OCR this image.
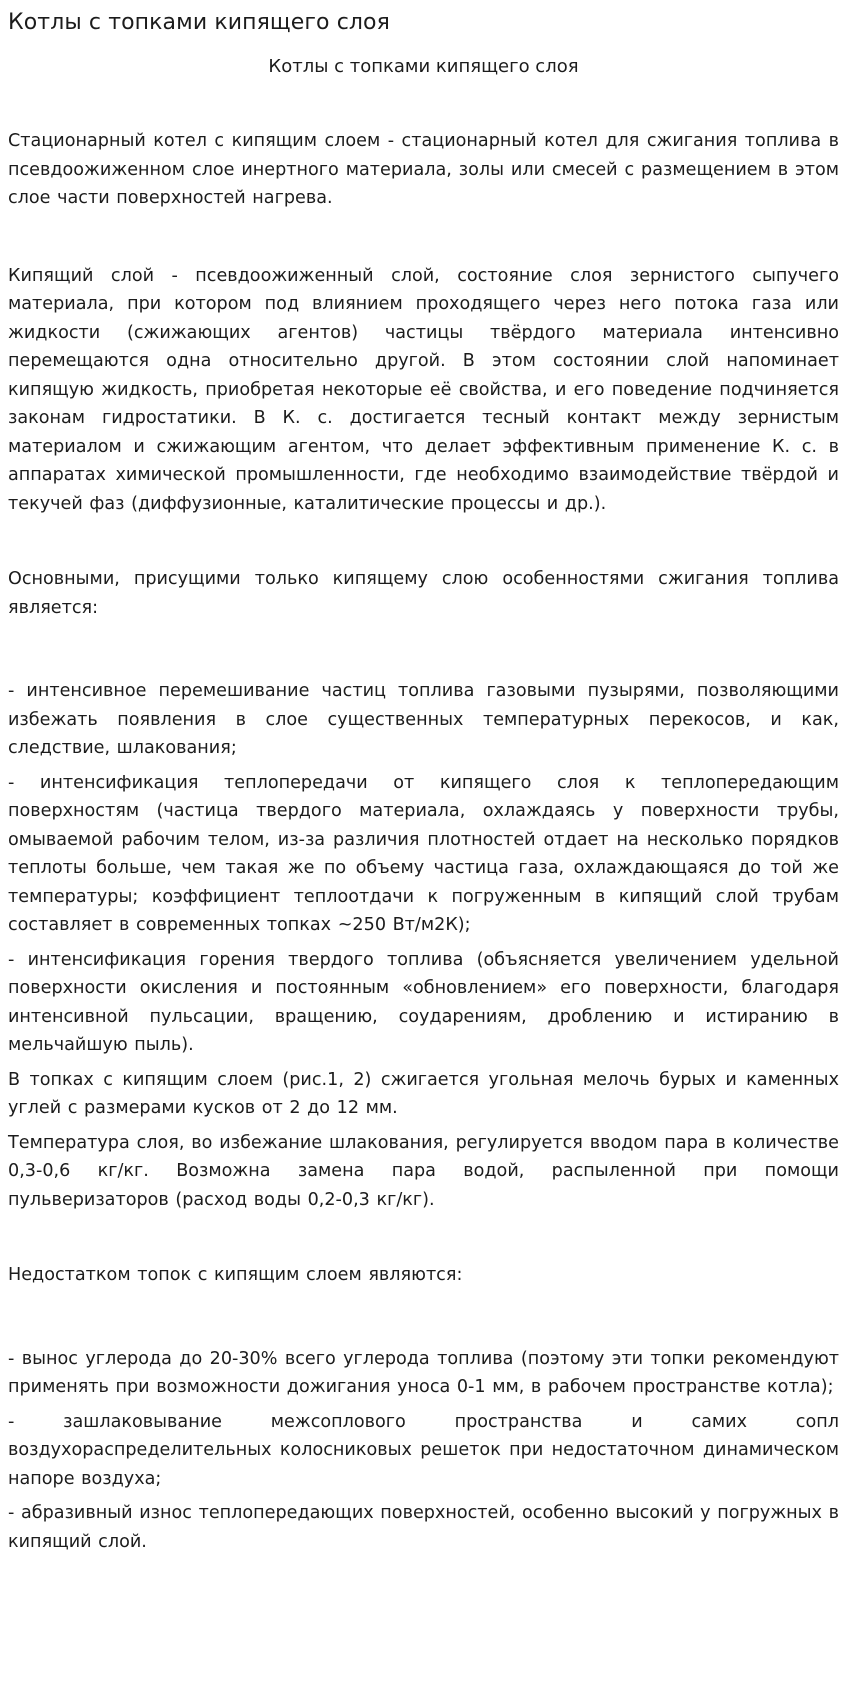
Котлы с топками кипящего слоя
Котлы с топками кипящего слоя

Стационарный котел с кипящим слоем - стационарный котел для сжигания топлива в псевдоожиженном слое инертного материала, золы или смесей с размещением в этом слое части поверхностей нагрева.

Кипящий слой - псевдоожиженный слой, состояние слоя зернистого сыпучего материала, при котором под влиянием проходящего через него потока газа или жидкости (сжижающих агентов) частицы твёрдого материала интенсивно перемещаются одна относительно другой. В этом состоянии слой напоминает кипящую жидкость, приобретая некоторые её свойства, и его поведение подчиняется законам гидростатики. В К. с. достигается тесный контакт между зернистым материалом и сжижающим агентом, что делает эффективным применение К. с. в аппаратах химической промышленности, где необходимо взаимодействие твёрдой и текучей фаз (диффузионные, каталитические процессы и др.).

Основными, присущими только кипящему слою особенностями сжигания топлива является:

- интенсивное перемешивание частиц топлива газовыми пузырями, позволяющими избежать появления в слое существенных температурных перекосов, и как, следствие, шлакования;

- интенсификация теплопередачи от кипящего слоя к теплопередающим поверхностям (частица твердого материала, охлаждаясь у поверхности трубы, омываемой рабочим телом, из-за различия плотностей отдает на несколько порядков теплоты больше, чем такая же по объему частица газа, охлаждающаяся до той же температуры; коэффициент теплоотдачи к погруженным в кипящий слой трубам составляет в современных топках ~250 Вт/м2К);

- интенсификация горения твердого топлива (объясняется увеличением удельной поверхности окисления и постоянным «обновлением» его поверхности, благодаря интенсивной пульсации, вращению, соударениям, дроблению и истиранию в мельчайшую пыль).

В топках с кипящим слоем (рис.1, 2) сжигается угольная мелочь бурых и каменных углей с размерами кусков от 2 до 12 мм.

Температура слоя, во избежание шлакования, регулируется вводом пара в количестве 0,3-0,6 кг/кг. Возможна замена пара водой, распыленной при помощи пульверизаторов (расход воды 0,2-0,3 кг/кг).

Недостатком топок с кипящим слоем являются:

- вынос углерода до 20-30% всего углерода топлива (поэтому эти топки рекомендуют применять при возможности дожигания уноса 0-1 мм, в рабочем пространстве котла);

- зашлаковывание межсоплового пространства и самих сопл воздухораспределительных колосниковых решеток при недостаточном динамическом напоре воздуха;

- абразивный износ теплопередающих поверхностей, особенно высокий у погружных в кипящий слой.
